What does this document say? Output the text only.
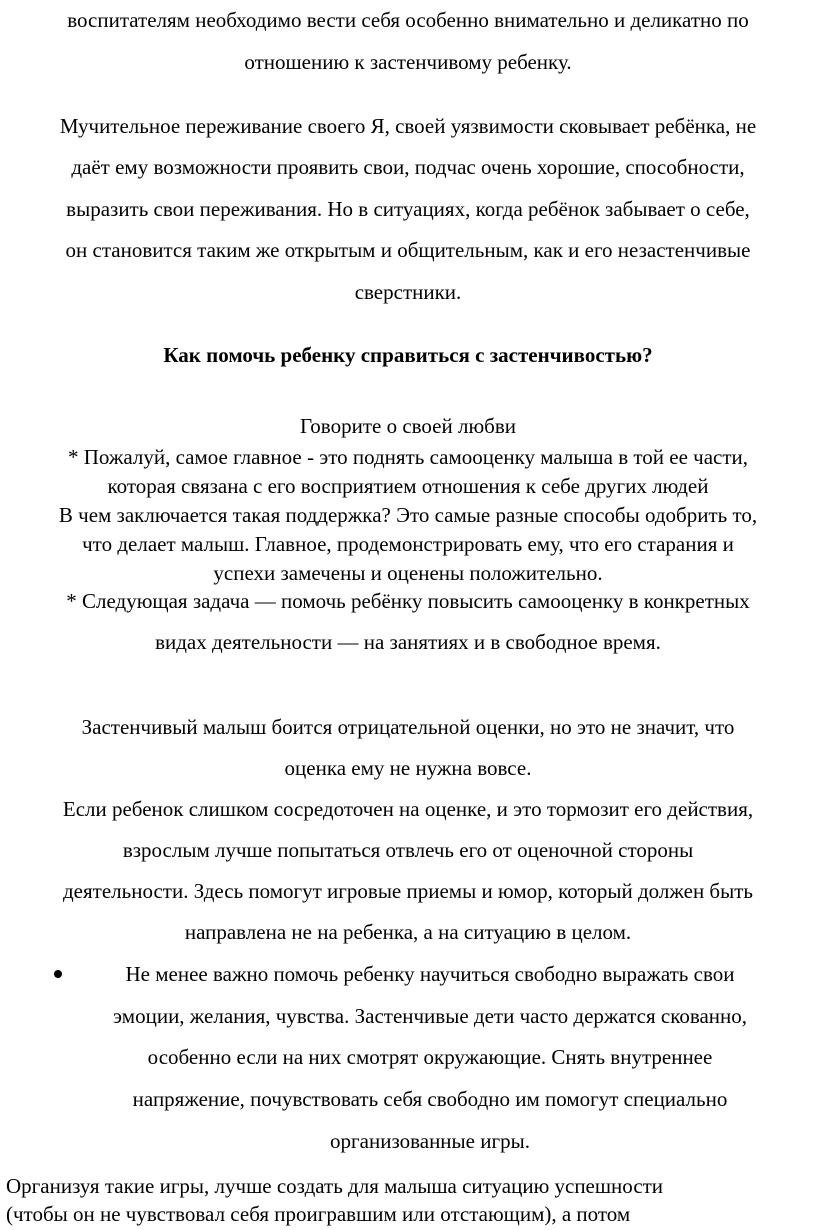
воспитателям необходимо вести себя особенно внимательно и деликатно по
отношению к застенчивому ребенку.
Мучительное переживание своего Я, своей уязвимости сковывает ребёнка, не
даёт ему возможности проявить свои, подчас очень хорошие, способности,
выразить свои переживания. Но в ситуациях, когда ребёнок забывает о себе,
он становится таким же открытым и общительным, как и его незастенчивые
сверстники.
Как помочь ребенку справиться с застенчивостью?
Говорите о своей любви
* Пожалуй, самое главное - это поднять самооценку малыша в той ее части,
которая связана с его восприятием отношения к себе других людей
В чем заключается такая поддержка? Это самые разные способы одобрить то,
что делает малыш. Главное, продемонстрировать ему, что его старания и
успехи замечены и оценены положительно.
* Следующая задача — помочь ребёнку повысить самооценку в конкретных
видах деятельности — на занятиях и в свободное время.
Застенчивый малыш боится отрицательной оценки, но это не значит, что
оценка ему не нужна вовсе.
Если ребенок слишком сосредоточен на оценке, и это тормозит его действия,
взрослым лучше попытаться отвлечь его от оценочной стороны
деятельности. Здесь помогут игровые приемы и юмор, который должен быть
направлена не на ребенка, а на ситуацию в целом.
Не менее важно помочь ребенку научиться свободно выражать свои
эмоции, желания, чувства. Застенчивые дети часто держатся скованно,
особенно если на них смотрят окружающие. Снять внутреннее
напряжение, почувствовать себя свободно им помогут специально
организованные игры.
Организуя такие игры, лучше создать для малыша ситуацию успешности
(чтобы он не чувствовал себя проигравшим или отстающим), а потом
